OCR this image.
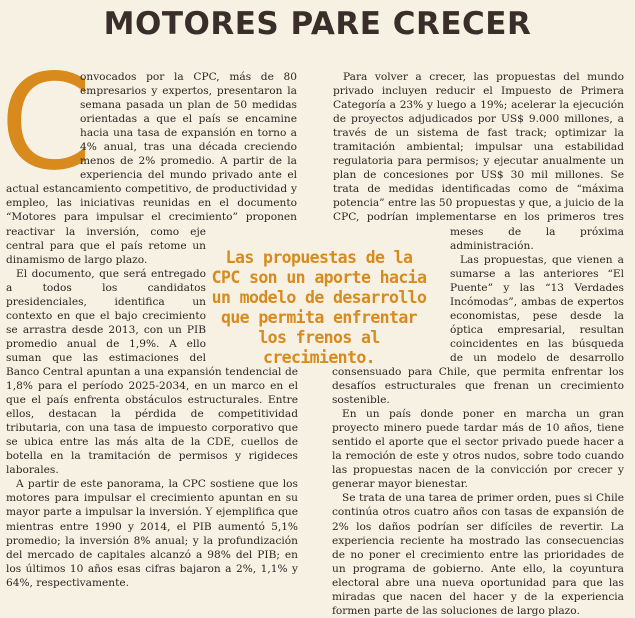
MOTORES PARE CRECER
C

onvocados por la CPC, más de 80 empresarios y expertos, presentaron la semana pasada un plan de 50 medidas orientadas a que el país se encamine hacia una tasa de expansión en torno a 4% anual, tras una década creciendo menos de 2% promedio. A partir de la experiencia del mundo privado ante el actual estancamiento competitivo, de productividad y empleo, las iniciativas reunidas en el documento “Motores para impulsar el crecimiento” proponen reactivar la inversión, como eje central para que el país retome un dinamismo de largo plazo.

El documento, que será entregado a todos los candidatos presidenciales, identifica un contexto en que el bajo crecimiento se arrastra desde 2013, con un PIB promedio anual de 1,9%. A ello suman que las estimaciones del Banco Central apuntan a una expansión tendencial de 1,8% para el período 2025-2034, en un marco en el que el país enfrenta obstáculos estructurales. Entre ellos, destacan la pérdida de competitividad tributaria, con una tasa de impuesto corporativo que se ubica entre las más alta de la CDE, cuellos de botella en la tramitación de permisos y rigideces laborales.

A partir de este panorama, la CPC sostiene que los motores para impulsar el crecimiento apuntan en su mayor parte a impulsar la inversión. Y ejemplifica que mientras entre 1990 y 2014, el PIB aumentó 5,1% promedio; la inversión 8% anual; y la profundización del mercado de capitales alcanzó a 98% del PIB; en los últimos 10 años esas cifras bajaron a 2%, 1,1% y 64%, respectivamente.

Para volver a crecer, las propuestas del mundo privado incluyen reducir el Impuesto de Primera Categoría a 23% y luego a 19%; acelerar la ejecución de proyectos adjudicados por US$ 9.000 millones, a través de un sistema de fast track; optimizar la tramitación ambiental; impulsar una estabilidad regulatoria para permisos; y ejecutar anualmente un plan de concesiones por US$ 30 mil millones. Se trata de medidas identificadas como de “máxima potencia” entre las 50 propuestas y que, a juicio de la CPC, podrían implementarse en los primeros tres meses de la próxima administración.

Las propuestas, que vienen a sumarse a las anteriores “El Puente” y las “13 Verdades Incómodas”, ambas de expertos economistas, pese desde la óptica empresarial, resultan coincidentes en las búsqueda de un modelo de desarrollo consensuado para Chile, que permita enfrentar los desafíos estructurales que frenan un crecimiento sostenible.

En un país donde poner en marcha un gran proyecto minero puede tardar más de 10 años, tiene sentido el aporte que el sector privado puede hacer a la remoción de este y otros nudos, sobre todo cuando las propuestas nacen de la convicción por crecer y generar mayor bienestar.

Se trata de una tarea de primer orden, pues si Chile continúa otros cuatro años con tasas de expansión de 2% los daños podrían ser difíciles de revertir. La experiencia reciente ha mostrado las consecuencias de no poner el crecimiento entre las prioridades de un programa de gobierno. Ante ello, la coyuntura electoral abre una nueva oportunidad para que las miradas que nacen del hacer y de la experiencia formen parte de las soluciones de largo plazo.

Las propuestas de la CPC son un aporte hacia un modelo de desarrollo que permita enfrentar los frenos al crecimiento.
